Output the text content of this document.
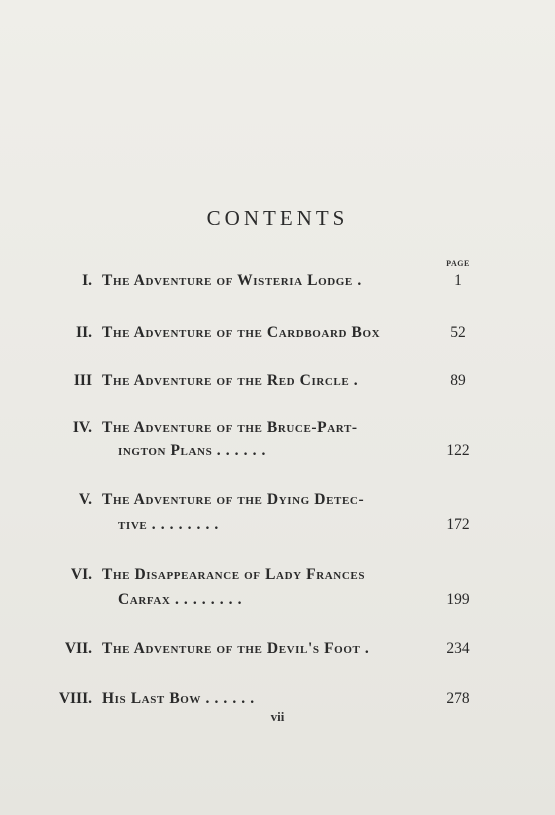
CONTENTS
PAGE
I. The Adventure of Wisteria Lodge .	1
II. The Adventure of the Cardboard Box	52
III The Adventure of the Red Circle .	89
IV. The Adventure of the Bruce-Part-
ington Plans . . . . . .	122
V. The Adventure of the Dying Detec-
tive . . . . . . . .	172
VI. The Disappearance of Lady Frances
Carfax . . . . . . . .	199
VII. The Adventure of the Devil's Foot .	234
VIII. His Last Bow . . . . . .	278
vii
